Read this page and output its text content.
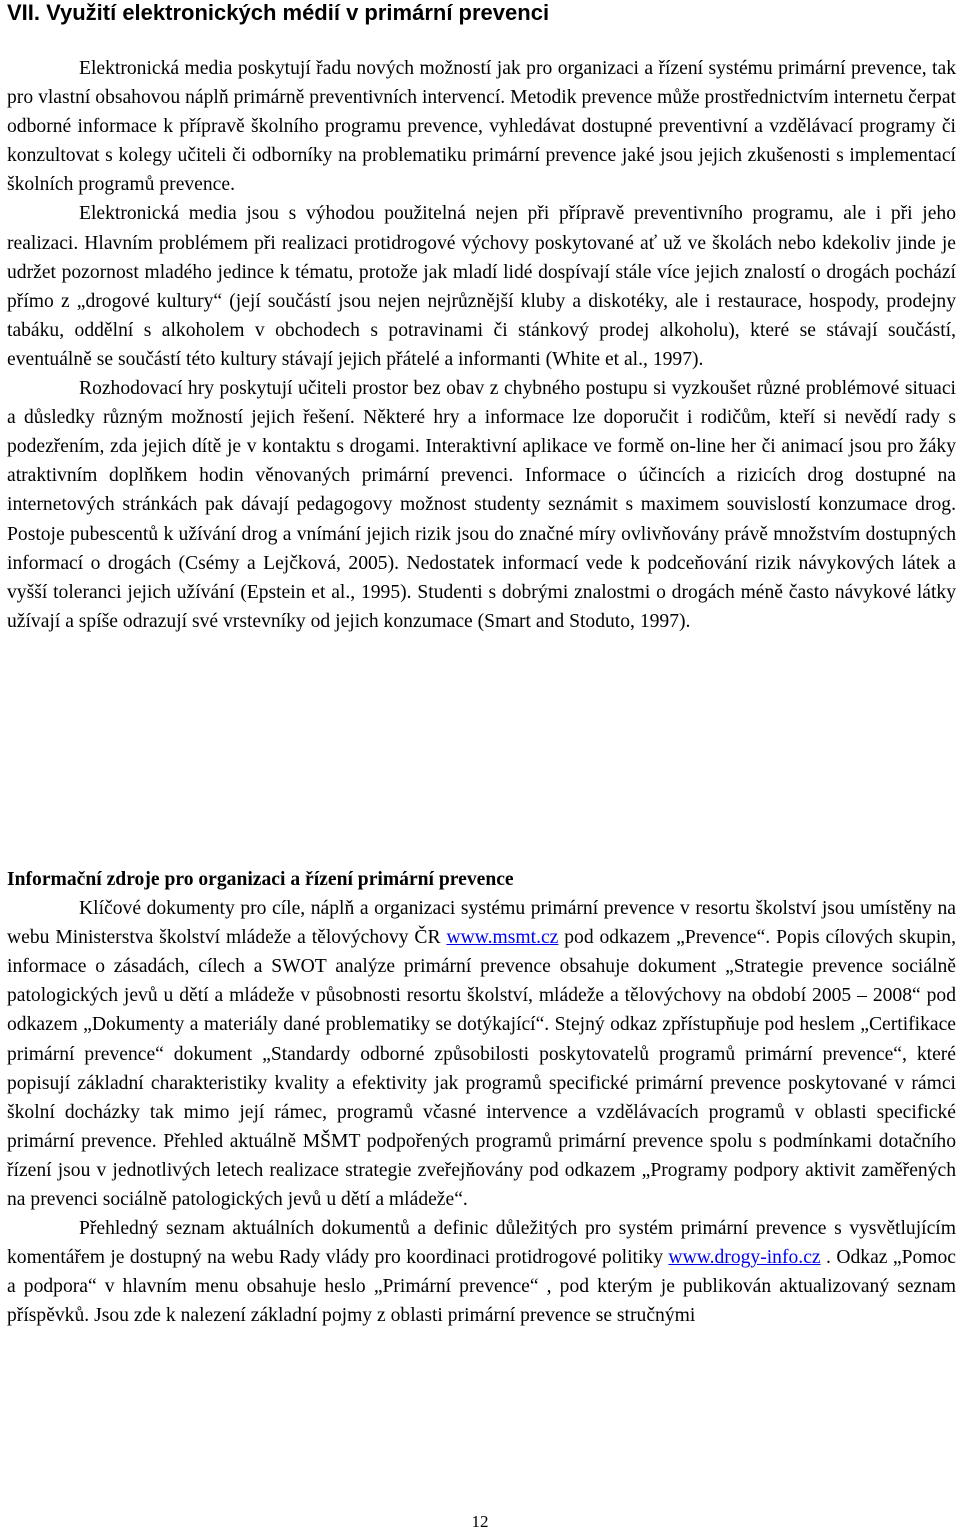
VII. Využití elektronických médií v primární prevenci

Elektronická media poskytují řadu nových možností jak pro organizaci a řízení systému primární prevence, tak pro vlastní obsahovou náplň primárně preventivních intervencí. Metodik prevence může prostřednictvím internetu čerpat odborné informace k přípravě školního programu prevence, vyhledávat dostupné preventivní a vzdělávací programy či konzultovat s kolegy učiteli či odborníky na problematiku primární prevence jaké jsou jejich zkušenosti s implementací školních programů prevence.

Elektronická media jsou s výhodou použitelná nejen při přípravě preventivního programu, ale i při jeho realizaci. Hlavním problémem při realizaci protidrogové výchovy poskytované ať už ve školách nebo kdekoliv jinde je udržet pozornost mladého jedince k tématu, protože jak mladí lidé dospívají stále více jejich znalostí o drogách pochází přímo z „drogové kultury“ (její součástí jsou nejen nejrůznější kluby a diskotéky, ale i restaurace, hospody, prodejny tabáku, oddělní s alkoholem v obchodech s potravinami či stánkový prodej alkoholu), které se stávají součástí, eventuálně se součástí této kultury stávají jejich přátelé a informanti (White et al., 1997).

Rozhodovací hry poskytují učiteli prostor bez obav z chybného postupu si vyzkoušet různé problémové situaci a důsledky různým možností jejich řešení. Některé hry a informace lze doporučit i rodičům, kteří si nevědí rady s podezřením, zda jejich dítě je v kontaktu s drogami. Interaktivní aplikace ve formě on-line her či animací jsou pro žáky atraktivním doplňkem hodin věnovaných primární prevenci. Informace o účincích a rizicích drog dostupné na internetových stránkách pak dávají pedagogovy možnost studenty seznámit s maximem souvislostí konzumace drog. Postoje pubescentů k užívání drog a vnímání jejich rizik jsou do značné míry ovlivňovány právě množstvím dostupných informací o drogách (Csémy a Lejčková, 2005). Nedostatek informací vede k podceňování rizik návykových látek a vyšší toleranci jejich užívání (Epstein et al., 1995). Studenti s dobrými znalostmi o drogách méně často návykové látky užívají a spíše odrazují své vrstevníky od jejich konzumace (Smart and Stoduto, 1997).

Informační zdroje pro organizaci a řízení primární prevence

Klíčové dokumenty pro cíle, náplň a organizaci systému primární prevence v resortu školství jsou umístěny na webu Ministerstva školství mládeže a tělovýchovy ČR www.msmt.cz pod odkazem „Prevence“. Popis cílových skupin, informace o zásadách, cílech a SWOT analýze primární prevence obsahuje dokument „Strategie prevence sociálně patologických jevů u dětí a mládeže v působnosti resortu školství, mládeže a tělovýchovy na období 2005 – 2008“ pod odkazem „Dokumenty a materiály dané problematiky se dotýkající“. Stejný odkaz zpřístupňuje pod heslem „Certifikace primární prevence“ dokument „Standardy odborné způsobilosti poskytovatelů programů primární prevence“, které popisují základní charakteristiky kvality a efektivity jak programů specifické primární prevence poskytované v rámci školní docházky tak mimo její rámec, programů včasné intervence a vzdělávacích programů v oblasti specifické primární prevence. Přehled aktuálně MŠMT podpořených programů primární prevence spolu s podmínkami dotačního řízení jsou v jednotlivých letech realizace strategie zveřejňovány pod odkazem „Programy podpory aktivit zaměřených na prevenci sociálně patologických jevů u dětí a mládeže“.

Přehledný seznam aktuálních dokumentů a definic důležitých pro systém primární prevence s vysvětlujícím komentářem je dostupný na webu Rady vlády pro koordinaci protidrogové politiky www.drogy-info.cz . Odkaz „Pomoc a podpora“ v hlavním menu obsahuje heslo „Primární prevence“ , pod kterým je publikován aktualizovaný seznam příspěvků. Jsou zde k nalezení základní pojmy z oblasti primární prevence se stručnými

12
